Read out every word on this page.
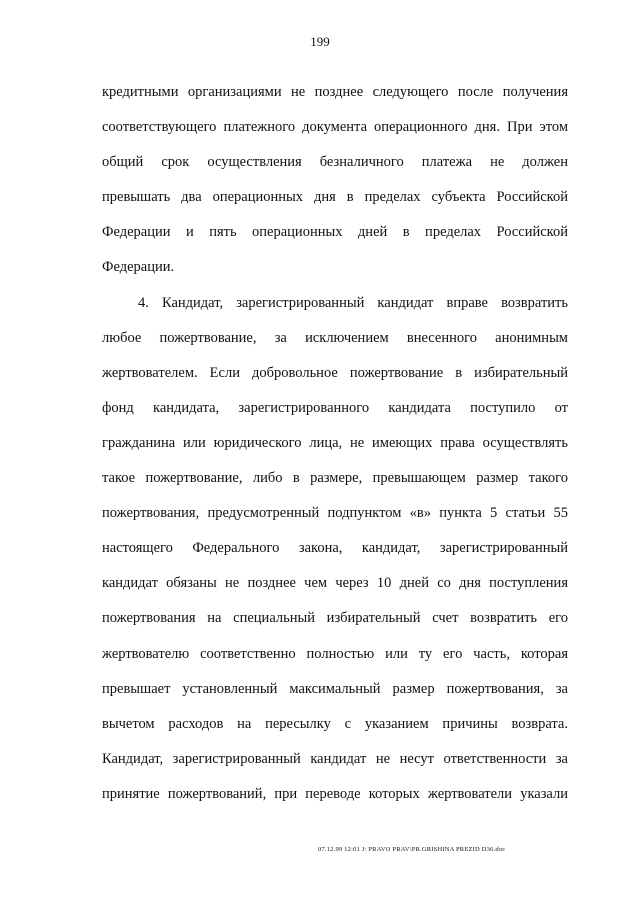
199
кредитными организациями не позднее следующего после получения
соответствующего платежного документа операционного дня. При этом
общий срок осуществления безналичного платежа не должен
превышать два операционных дня в пределах субъекта Российской
Федерации и пять операционных дней в пределах Российской
Федерации.
4. Кандидат, зарегистрированный кандидат вправе возвратить
любое пожертвование, за исключением внесенного анонимным
жертвователем. Если добровольное пожертвование в избирательный
фонд кандидата, зарегистрированного кандидата поступило от
гражданина или юридического лица, не имеющих права осуществлять
такое пожертвование, либо в размере, превышающем размер такого
пожертвования, предусмотренный подпунктом «в» пункта 5 статьи 55
настоящего Федерального закона, кандидат, зарегистрированный
кандидат обязаны не позднее чем через 10 дней со дня поступления
пожертвования на специальный избирательный счет возвратить его
жертвователю соответственно полностью или ту его часть, которая
превышает установленный максимальный размер пожертвования, за
вычетом расходов на пересылку с указанием причины возврата.
Кандидат, зарегистрированный кандидат не несут ответственности за
принятие пожертвований, при переводе которых жертвователи указали
07.12.99 12:01 J: PRAVO PRAV\PR.GRISHINA PREZID D36.doc
